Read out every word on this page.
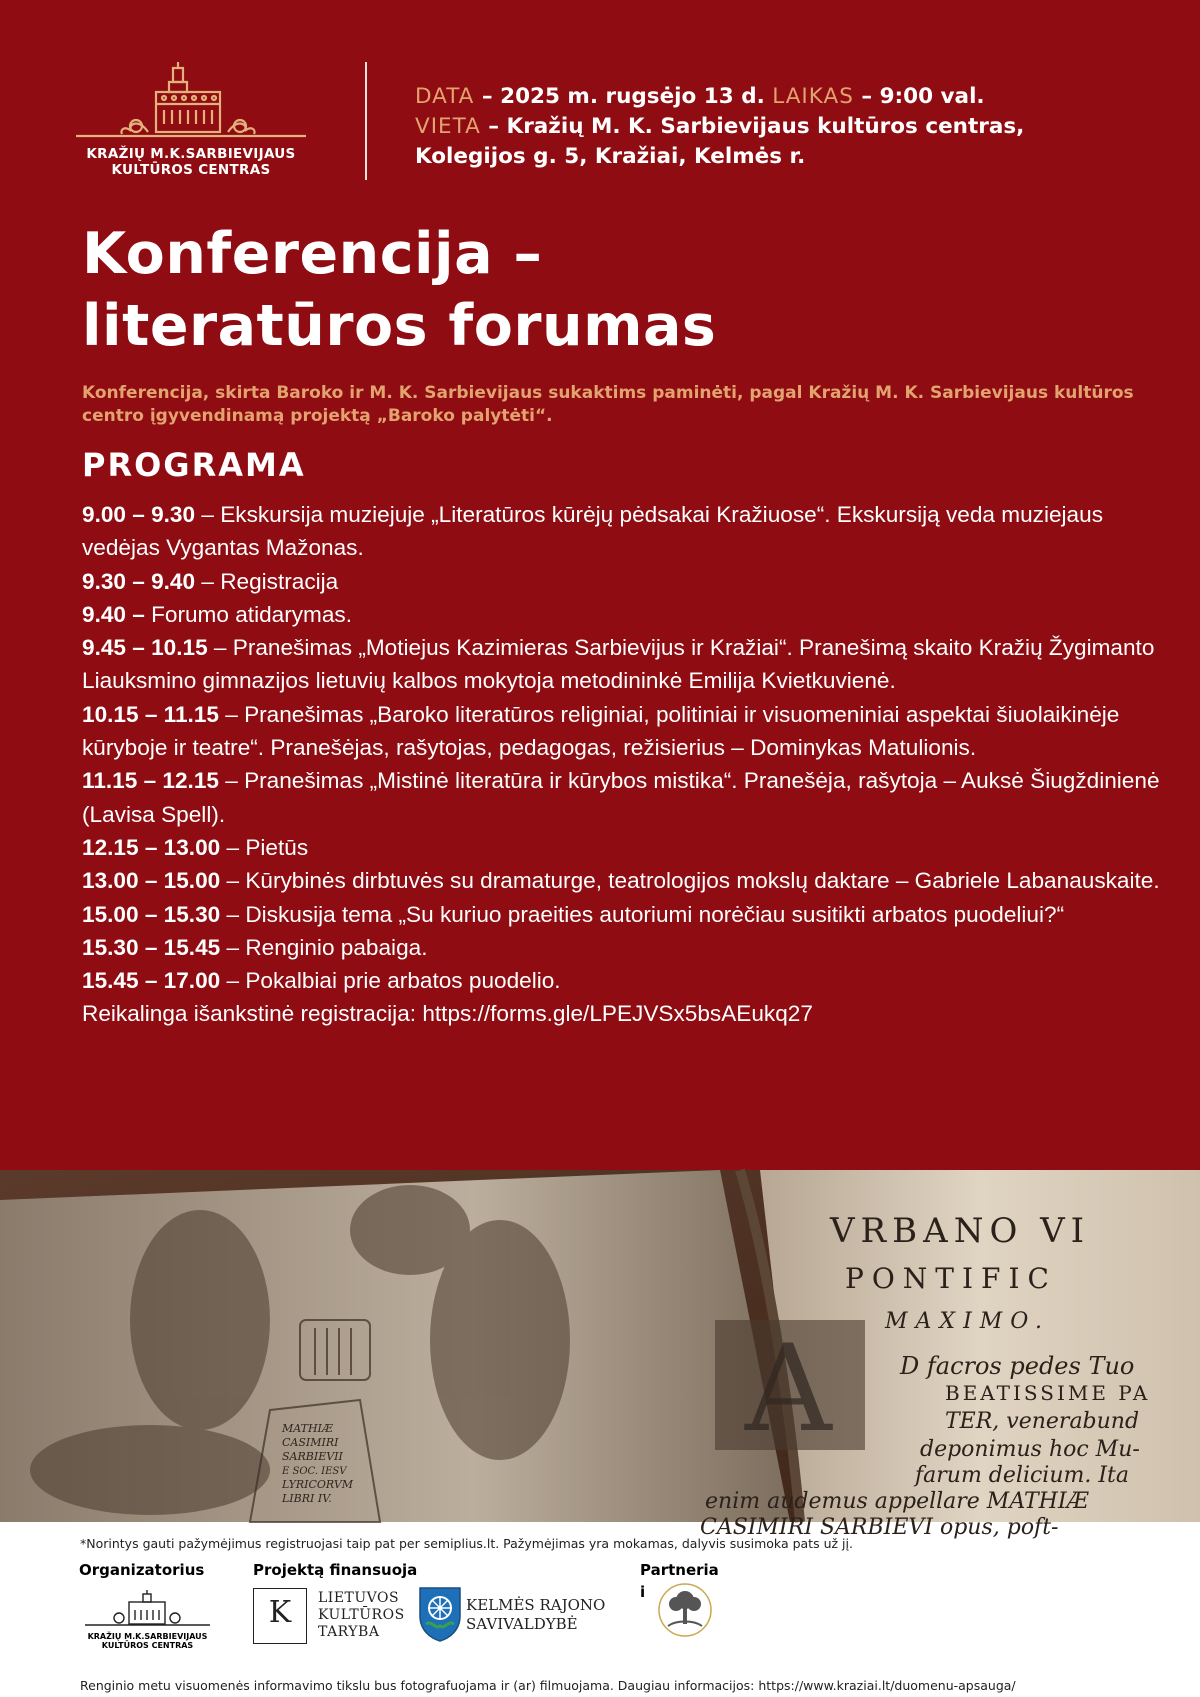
KRAŽIŲ M.K.SARBIEVIJAUS
KULTŪROS CENTRAS
DATA – 2025 m. rugsėjo 13 d. LAIKAS – 9:00 val.
VIETA – Kražių M. K. Sarbievijaus kultūros centras,
Kolegijos g. 5, Kražiai, Kelmės r.
Konferencija –
literatūros forumas
Konferencija, skirta Baroko ir M. K. Sarbievijaus sukaktims paminėti, pagal Kražių M. K. Sarbievijaus kultūros centro įgyvendinamą projektą „Baroko palytėti“.
PROGRAMA

9.00 – 9.30 – Ekskursija muziejuje „Literatūros kūrėjų pėdsakai Kražiuose“. Ekskursiją veda muziejaus vedėjas Vygantas Mažonas.

9.30 – 9.40 – Registracija

9.40 – Forumo atidarymas.

9.45 – 10.15 – Pranešimas „Motiejus Kazimieras Sarbievijus ir Kražiai“. Pranešimą skaito Kražių Žygimanto Liauksmino gimnazijos lietuvių kalbos mokytoja metodininkė Emilija Kvietkuvienė.

10.15 – 11.15 – Pranešimas „Baroko literatūros religiniai, politiniai ir visuomeniniai aspektai šiuolaikinėje kūryboje ir teatre“. Pranešėjas, rašytojas, pedagogas, režisierius – Dominykas Matulionis.

11.15 – 12.15 – Pranešimas „Mistinė literatūra ir kūrybos mistika“. Pranešėja, rašytoja – Auksė Šiugždinienė (Lavisa Spell).

12.15 – 13.00 – Pietūs

13.00 – 15.00 – Kūrybinės dirbtuvės su dramaturge, teatrologijos mokslų daktare – Gabriele Labanauskaite.

15.00 – 15.30 – Diskusija tema „Su kuriuo praeities autoriumi norėčiau susitikti arbatos puodeliui?“

15.30 – 15.45 – Renginio pabaiga.

15.45 – 17.00 – Pokalbiai prie arbatos puodelio.

Reikalinga išankstinė registracija: https://forms.gle/LPEJVSx5bsAEukq27

MATHIÆ
CASIMIRI
SARBIEVII
E SOC. IESV
LYRICORVM
LIBRI IV.
A
VRBANO VI
PONTIFIC
MAXIMO.
D facros pedes Tuo
BEATISSIME PA
TER, venerabund
deponimus hoc Mu-
farum delicium. Ita
enim audemus appellare MATHIÆ
CASIMIRI SARBIEVI opus, poft-
*Norintys gauti pažymėjimus registruojasi taip pat per semiplius.lt. Pažymėjimas yra mokamas, dalyvis susimoka pats už jį.
Organizatorius	Projektą finansuoja	Partneria
i
KRAŽIŲ M.K.SARBIEVIJAUS
KULTŪROS CENTRAS
K	LIETUVOS
KULTŪROS
TARYBA
KELMĖS RAJONO
SAVIVALDYBĖ
Renginio metu visuomenės informavimo tikslu bus fotografuojama ir (ar) filmuojama. Daugiau informacijos: https://www.kraziai.lt/duomenu-apsauga/
